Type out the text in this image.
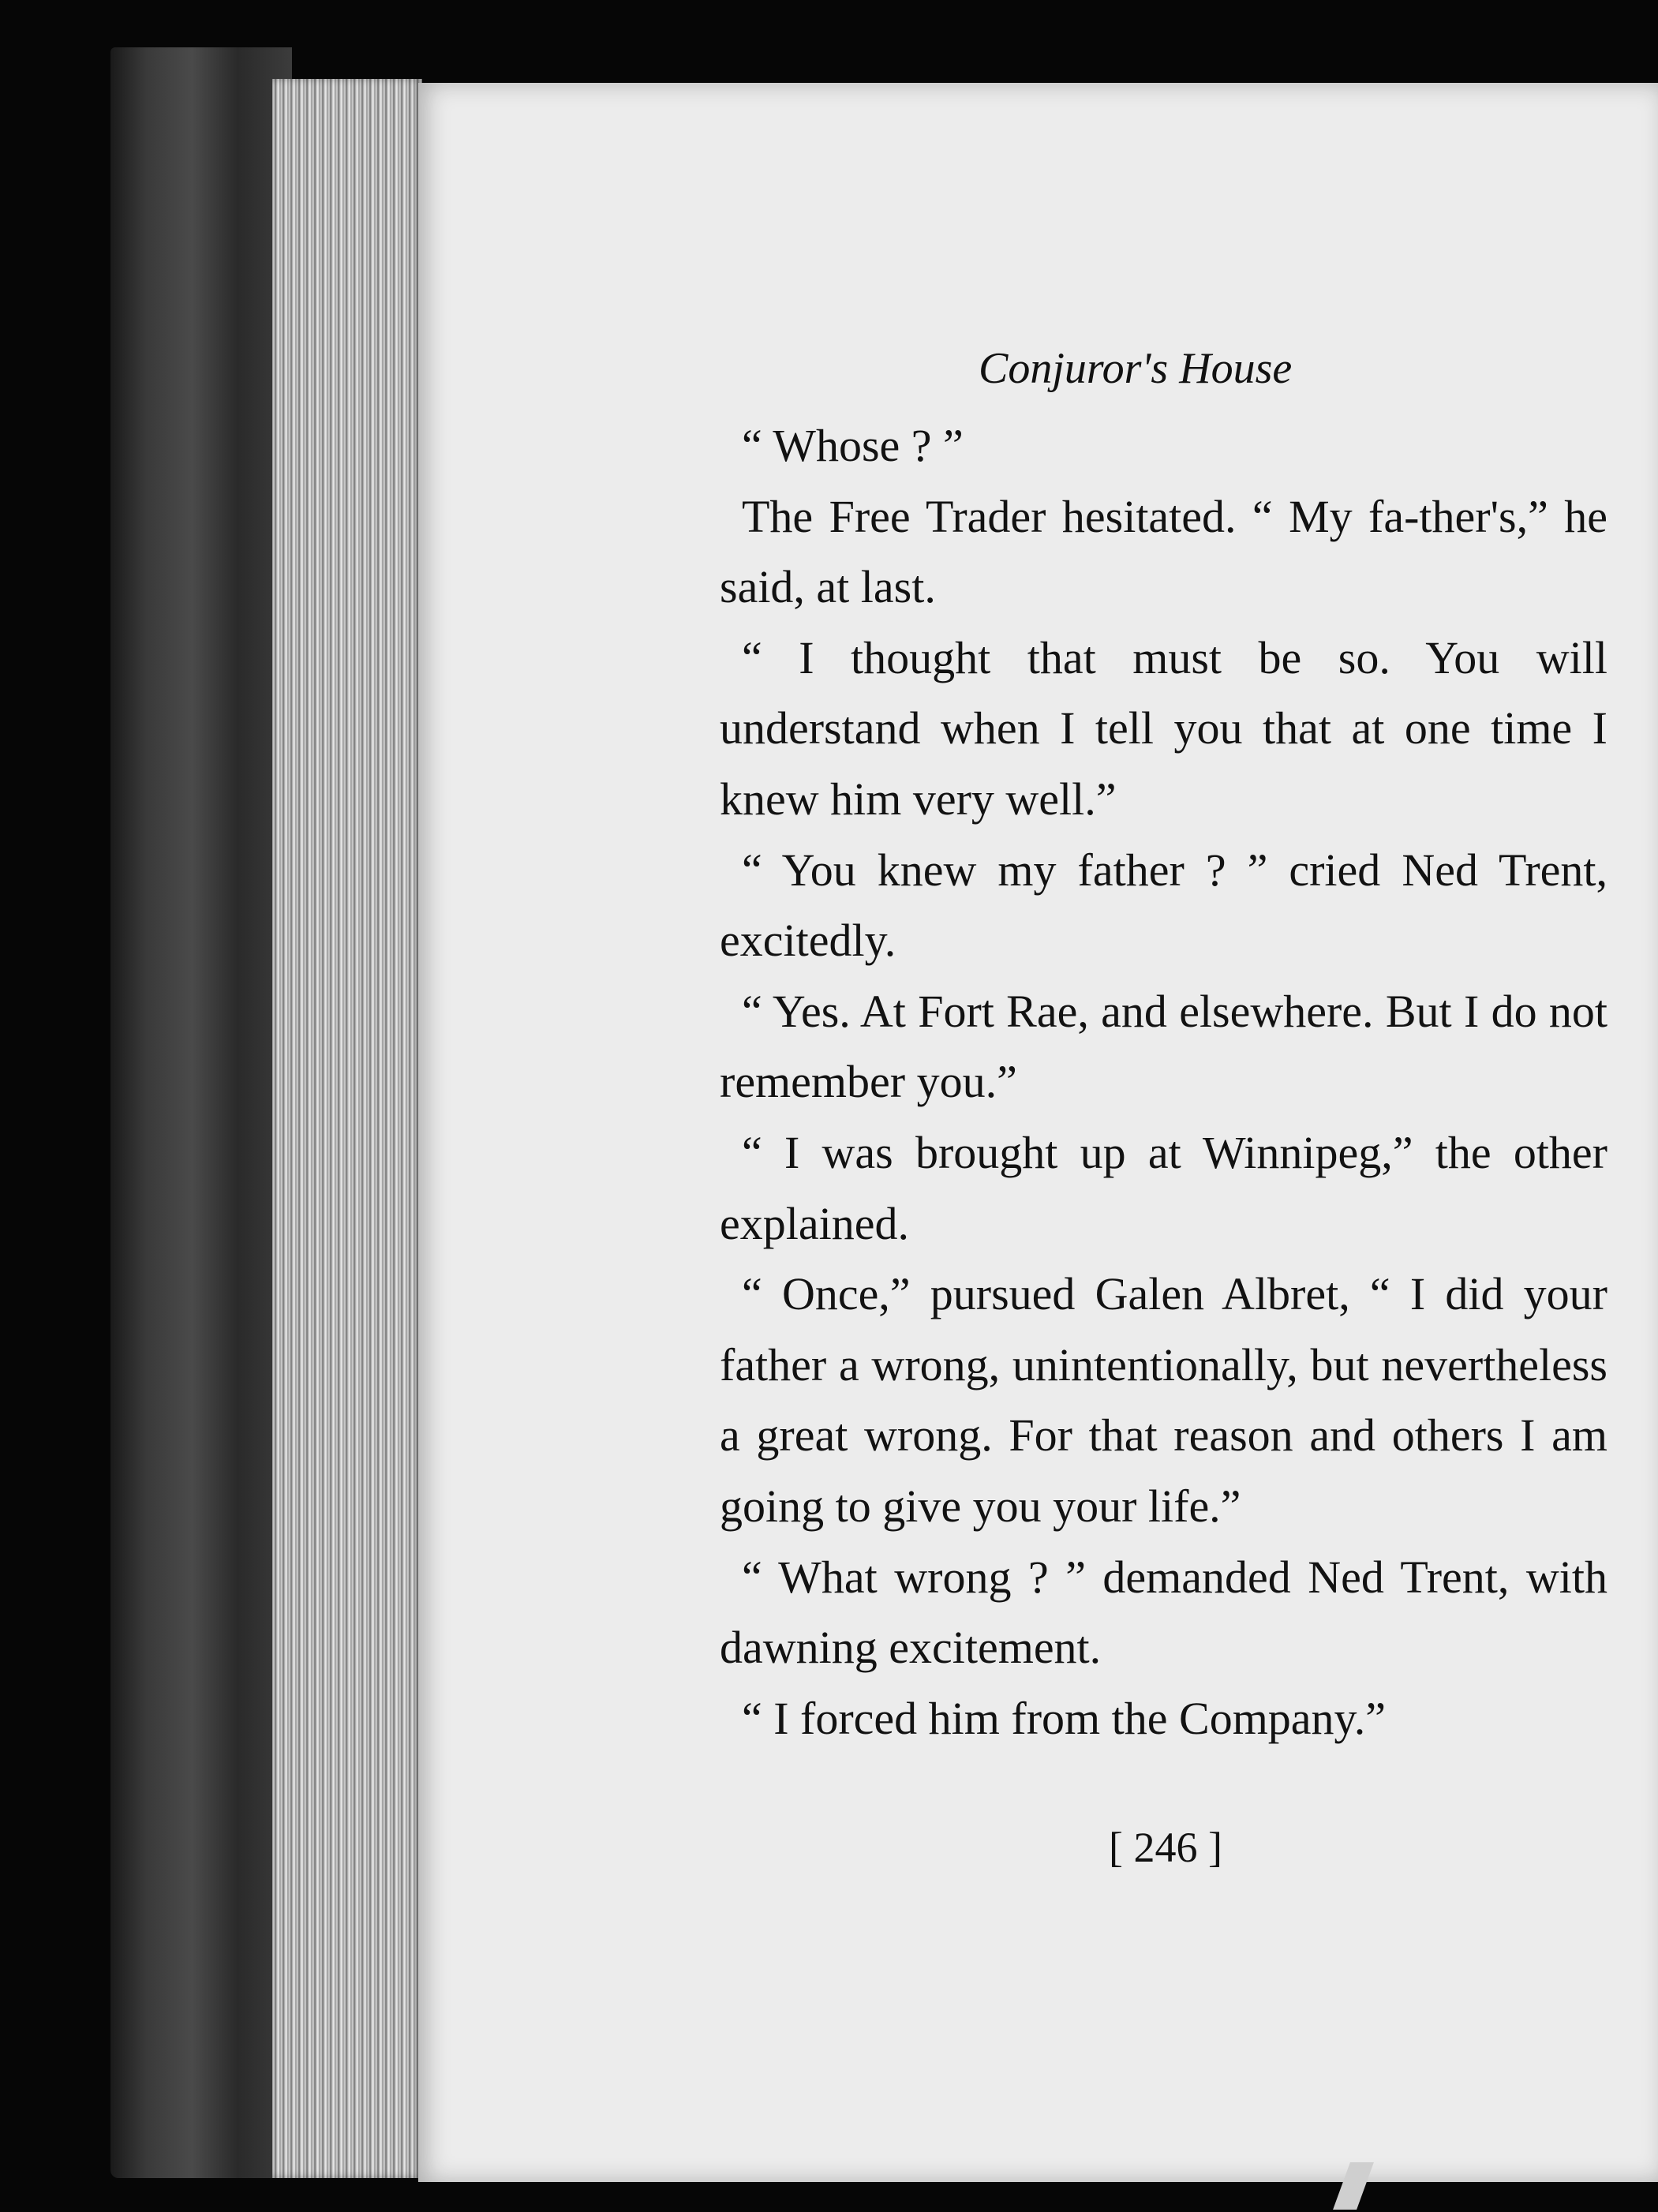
Conjuror's House

“ Whose ? ”

The Free Trader hesitated. “ My fa-ther's,” he said, at last.

“ I thought that must be so. You will understand when I tell you that at one time I knew him very well.”

“ You knew my father ? ” cried Ned Trent, excitedly.

“ Yes. At Fort Rae, and elsewhere. But I do not remember you.”

“ I was brought up at Winnipeg,” the other explained.

“ Once,” pursued Galen Albret, “ I did your father a wrong, unintentionally, but nevertheless a great wrong. For that reason and others I am going to give you your life.”

“ What wrong ? ” demanded Ned Trent, with dawning excitement.

“ I forced him from the Company.”

[ 246 ]
